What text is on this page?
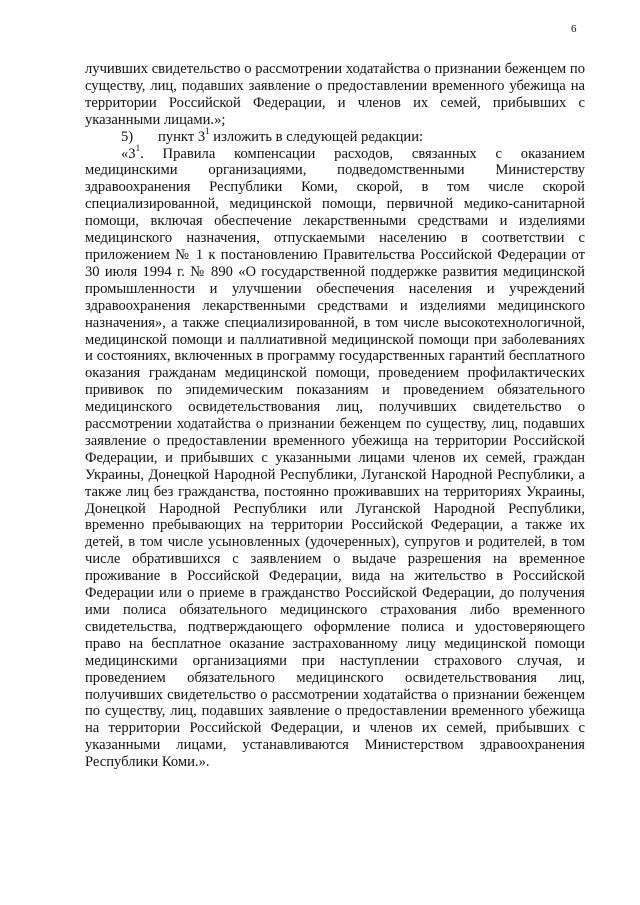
6

лучивших свидетельство о рассмотрении ходатайства о признании беженцем по существу, лиц, подавших заявление о предоставлении временного убежища на территории Российской Федерации, и членов их семей, прибывших с указанными лицами.»;

5) пункт $3^1$ изложить в следующей редакции:

«$3^1$. Правила компенсации расходов, связанных с оказанием медицинскими организациями, подведомственными Министерству здравоохранения Республики Коми, скорой, в том числе скорой специализированной, медицинской помощи, первичной медико-санитарной помощи, включая обеспечение лекарственными средствами и изделиями медицинского назначения, отпускаемыми населению в соответствии с приложением № 1 к постановлению Правительства Российской Федерации от 30 июля 1994 г. № 890 «О государственной поддержке развития медицинской промышленности и улучшении обеспечения населения и учреждений здравоохранения лекарственными средствами и изделиями медицинского назначения», а также специализированной, в том числе высокотехнологичной, медицинской помощи и паллиативной медицинской помощи при заболеваниях и состояниях, включенных в программу государственных гарантий бесплатного оказания гражданам медицинской помощи, проведением профилактических прививок по эпидемическим показаниям и проведением обязательного медицинского освидетельствования лиц, получивших свидетельство о рассмотрении ходатайства о признании беженцем по существу, лиц, подавших заявление о предоставлении временного убежища на территории Российской Федерации, и прибывших с указанными лицами членов их семей, граждан Украины, Донецкой Народной Республики, Луганской Народной Республики, а также лиц без гражданства, постоянно проживавших на территориях Украины, Донецкой Народной Республики или Луганской Народной Республики, временно пребывающих на территории Российской Федерации, а также их детей, в том числе усыновленных (удочеренных), супругов и родителей, в том числе обратившихся с заявлением о выдаче разрешения на временное проживание в Российской Федерации, вида на жительство в Российской Федерации или о приеме в гражданство Российской Федерации, до получения ими полиса обязательного медицинского страхования либо временного свидетельства, подтверждающего оформление полиса и удостоверяющего право на бесплатное оказание застрахованному лицу медицинской помощи медицинскими организациями при наступлении страхового случая, и проведением обязательного медицинского освидетельствования лиц, получивших свидетельство о рассмотрении ходатайства о признании беженцем по существу, лиц, подавших заявление о предоставлении временного убежища на территории Российской Федерации, и членов их семей, прибывших с указанными лицами, устанавливаются Министерством здравоохранения Республики Коми.».
